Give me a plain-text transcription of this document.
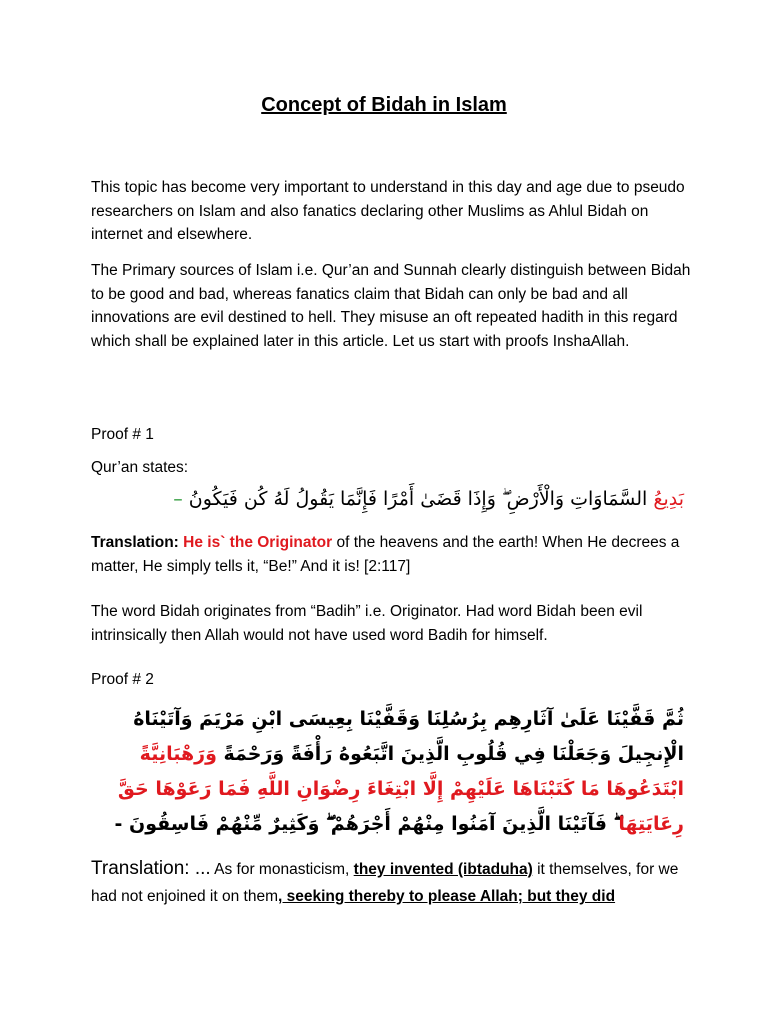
Concept of Bidah in Islam
This topic has become very important to understand in this day and age due to pseudo researchers on Islam and also fanatics declaring other Muslims as Ahlul Bidah on internet and elsewhere.
The Primary sources of Islam i.e. Qur’an and Sunnah clearly distinguish between Bidah to be good and bad, whereas fanatics claim that Bidah can only be bad and all innovations are evil destined to hell. They misuse an oft repeated hadith in this regard which shall be explained later in this article. Let us start with proofs InshaAllah.
Proof # 1
Qur’an states:
بَدِيعُ السَّمَاوَاتِ وَالْأَرْضِ ۖ وَإِذَا قَضَىٰ أَمْرًا فَإِنَّمَا يَقُولُ لَهُ كُن فَيَكُونُ –
Translation: He is` the Originator of the heavens and the earth! When He decrees a matter, He simply tells it, “Be!” And it is! [2:117]
The word Bidah originates from “Badih” i.e. Originator. Had word Bidah been evil intrinsically then Allah would not have used word Badih for himself.
Proof # 2
ثُمَّ قَفَّيْنَا عَلَىٰ آثَارِهِم بِرُسُلِنَا وَقَفَّيْنَا بِعِيسَى ابْنِ مَرْيَمَ وَآتَيْنَاهُ الْإِنجِيلَ وَجَعَلْنَا فِي قُلُوبِ الَّذِينَ اتَّبَعُوهُ رَأْفَةً وَرَحْمَةً وَرَهْبَانِيَّةً ابْتَدَعُوهَا مَا كَتَبْنَاهَا عَلَيْهِمْ إِلَّا ابْتِغَاءَ رِضْوَانِ اللَّهِ فَمَا رَعَوْهَا حَقَّ رِعَايَتِهَا ۖ فَآتَيْنَا الَّذِينَ آمَنُوا مِنْهُمْ أَجْرَهُمْ ۖ وَكَثِيرٌ مِّنْهُمْ فَاسِقُونَ -
Translation: ... As for monasticism, they invented (ibtaduha) it themselves, for we had not enjoined it on them, seeking thereby to please Allah; but they did
